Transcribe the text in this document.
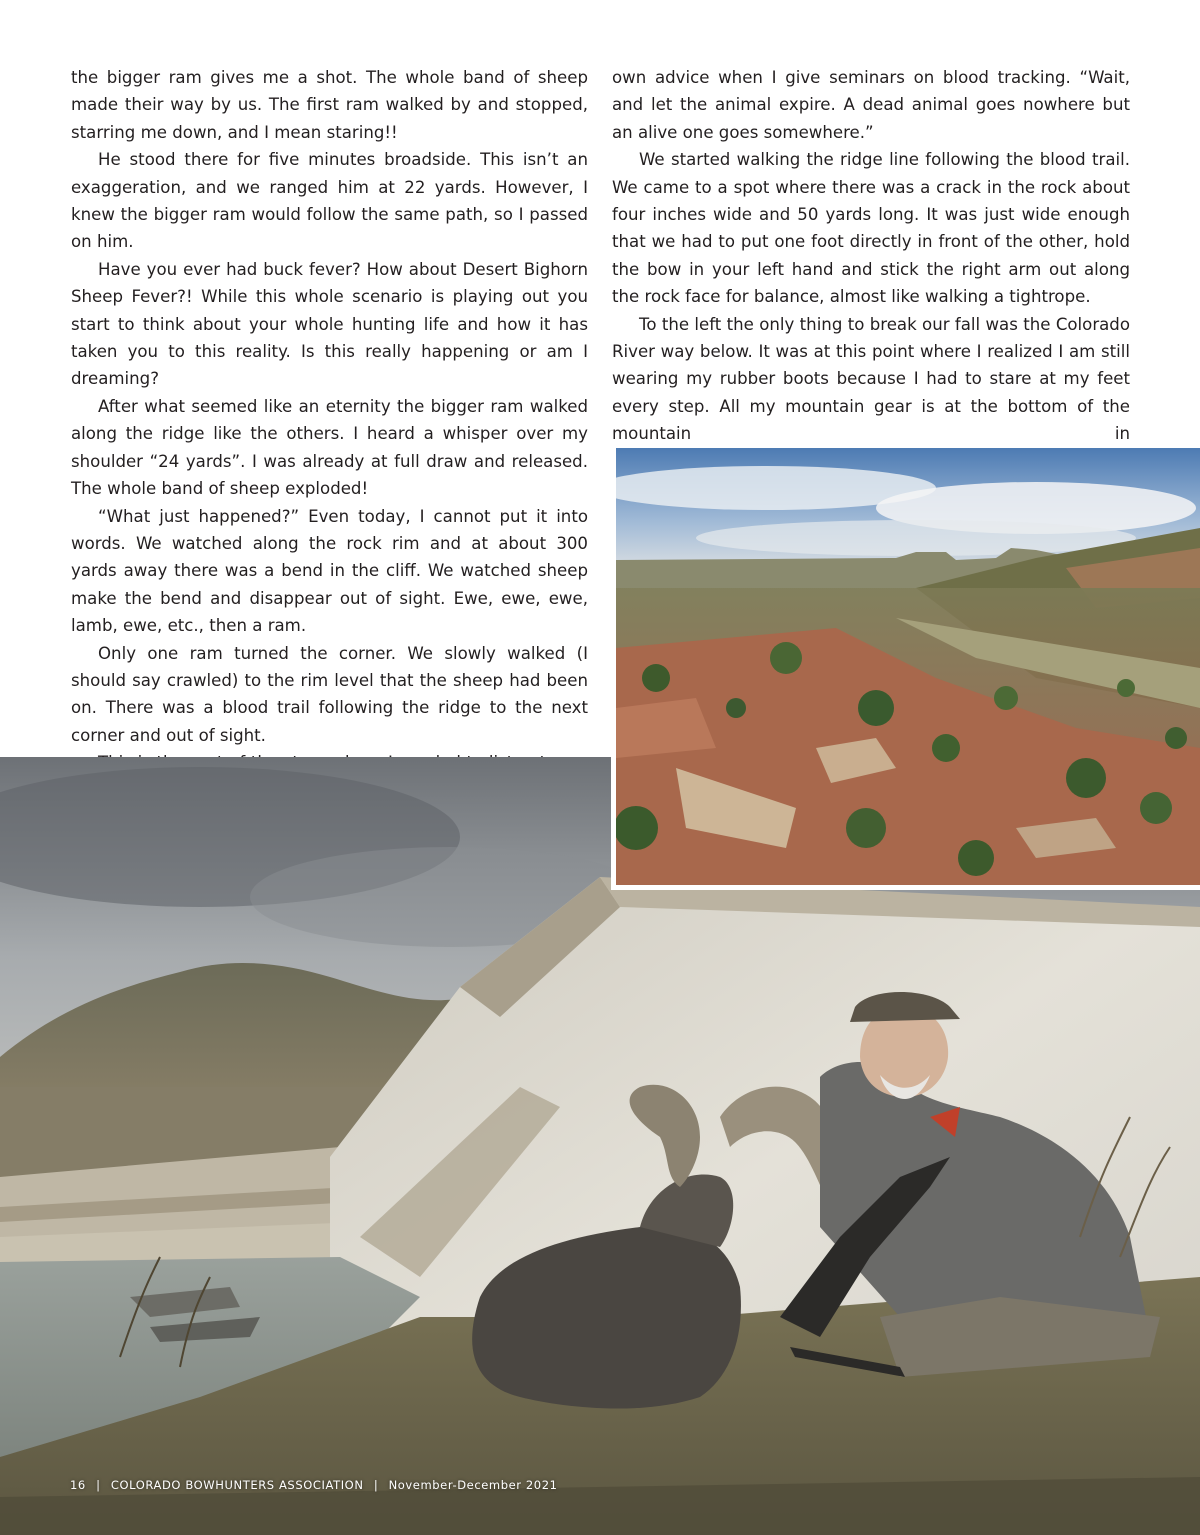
the bigger ram gives me a shot. The whole band of sheep made their way by us. The first ram walked by and stopped, starring me down, and I mean staring!!

He stood there for five minutes broadside. This isn’t an exaggeration, and we ranged him at 22 yards. However, I knew the bigger ram would follow the same path, so I passed on him.

Have you ever had buck fever? How about Desert Bighorn Sheep Fever?! While this whole scenario is playing out you start to think about your whole hunting life and how it has taken you to this reality. Is this really happening or am I dreaming?

After what seemed like an eternity the bigger ram walked along the ridge like the others. I heard a whisper over my shoulder “24 yards”. I was already at full draw and released. The whole band of sheep exploded!

“What just happened?” Even today, I cannot put it into words. We watched along the rock rim and at about 300 yards away there was a bend in the cliff. We watched sheep make the bend and disappear out of sight. Ewe, ewe, ewe, lamb, ewe, etc., then a ram.

Only one ram turned the corner. We slowly walked (I should say crawled) to the rim level that the sheep had been on. There was a blood trail following the ridge to the next corner and out of sight.

own advice when I give seminars on blood tracking. “Wait, and let the animal expire. A dead animal goes nowhere but an alive one goes somewhere.”

We started walking the ridge line following the blood trail. We came to a spot where there was a crack in the rock about four inches wide and 50 yards long. It was just wide enough that we had to put one foot directly in front of the other, hold the bow in your left hand and stick the right arm out along the rock face for balance, almost like walking a tightrope.

To the left the only thing to break our fall was the Colorado River way below. It was at this point where I realized I am still wearing my rubber boots because I had to stare at my feet every step. All my mountain gear is at the bottom of the mountain in

16 | COLORADO BOWHUNTERS ASSOCIATION | November-December 2021
